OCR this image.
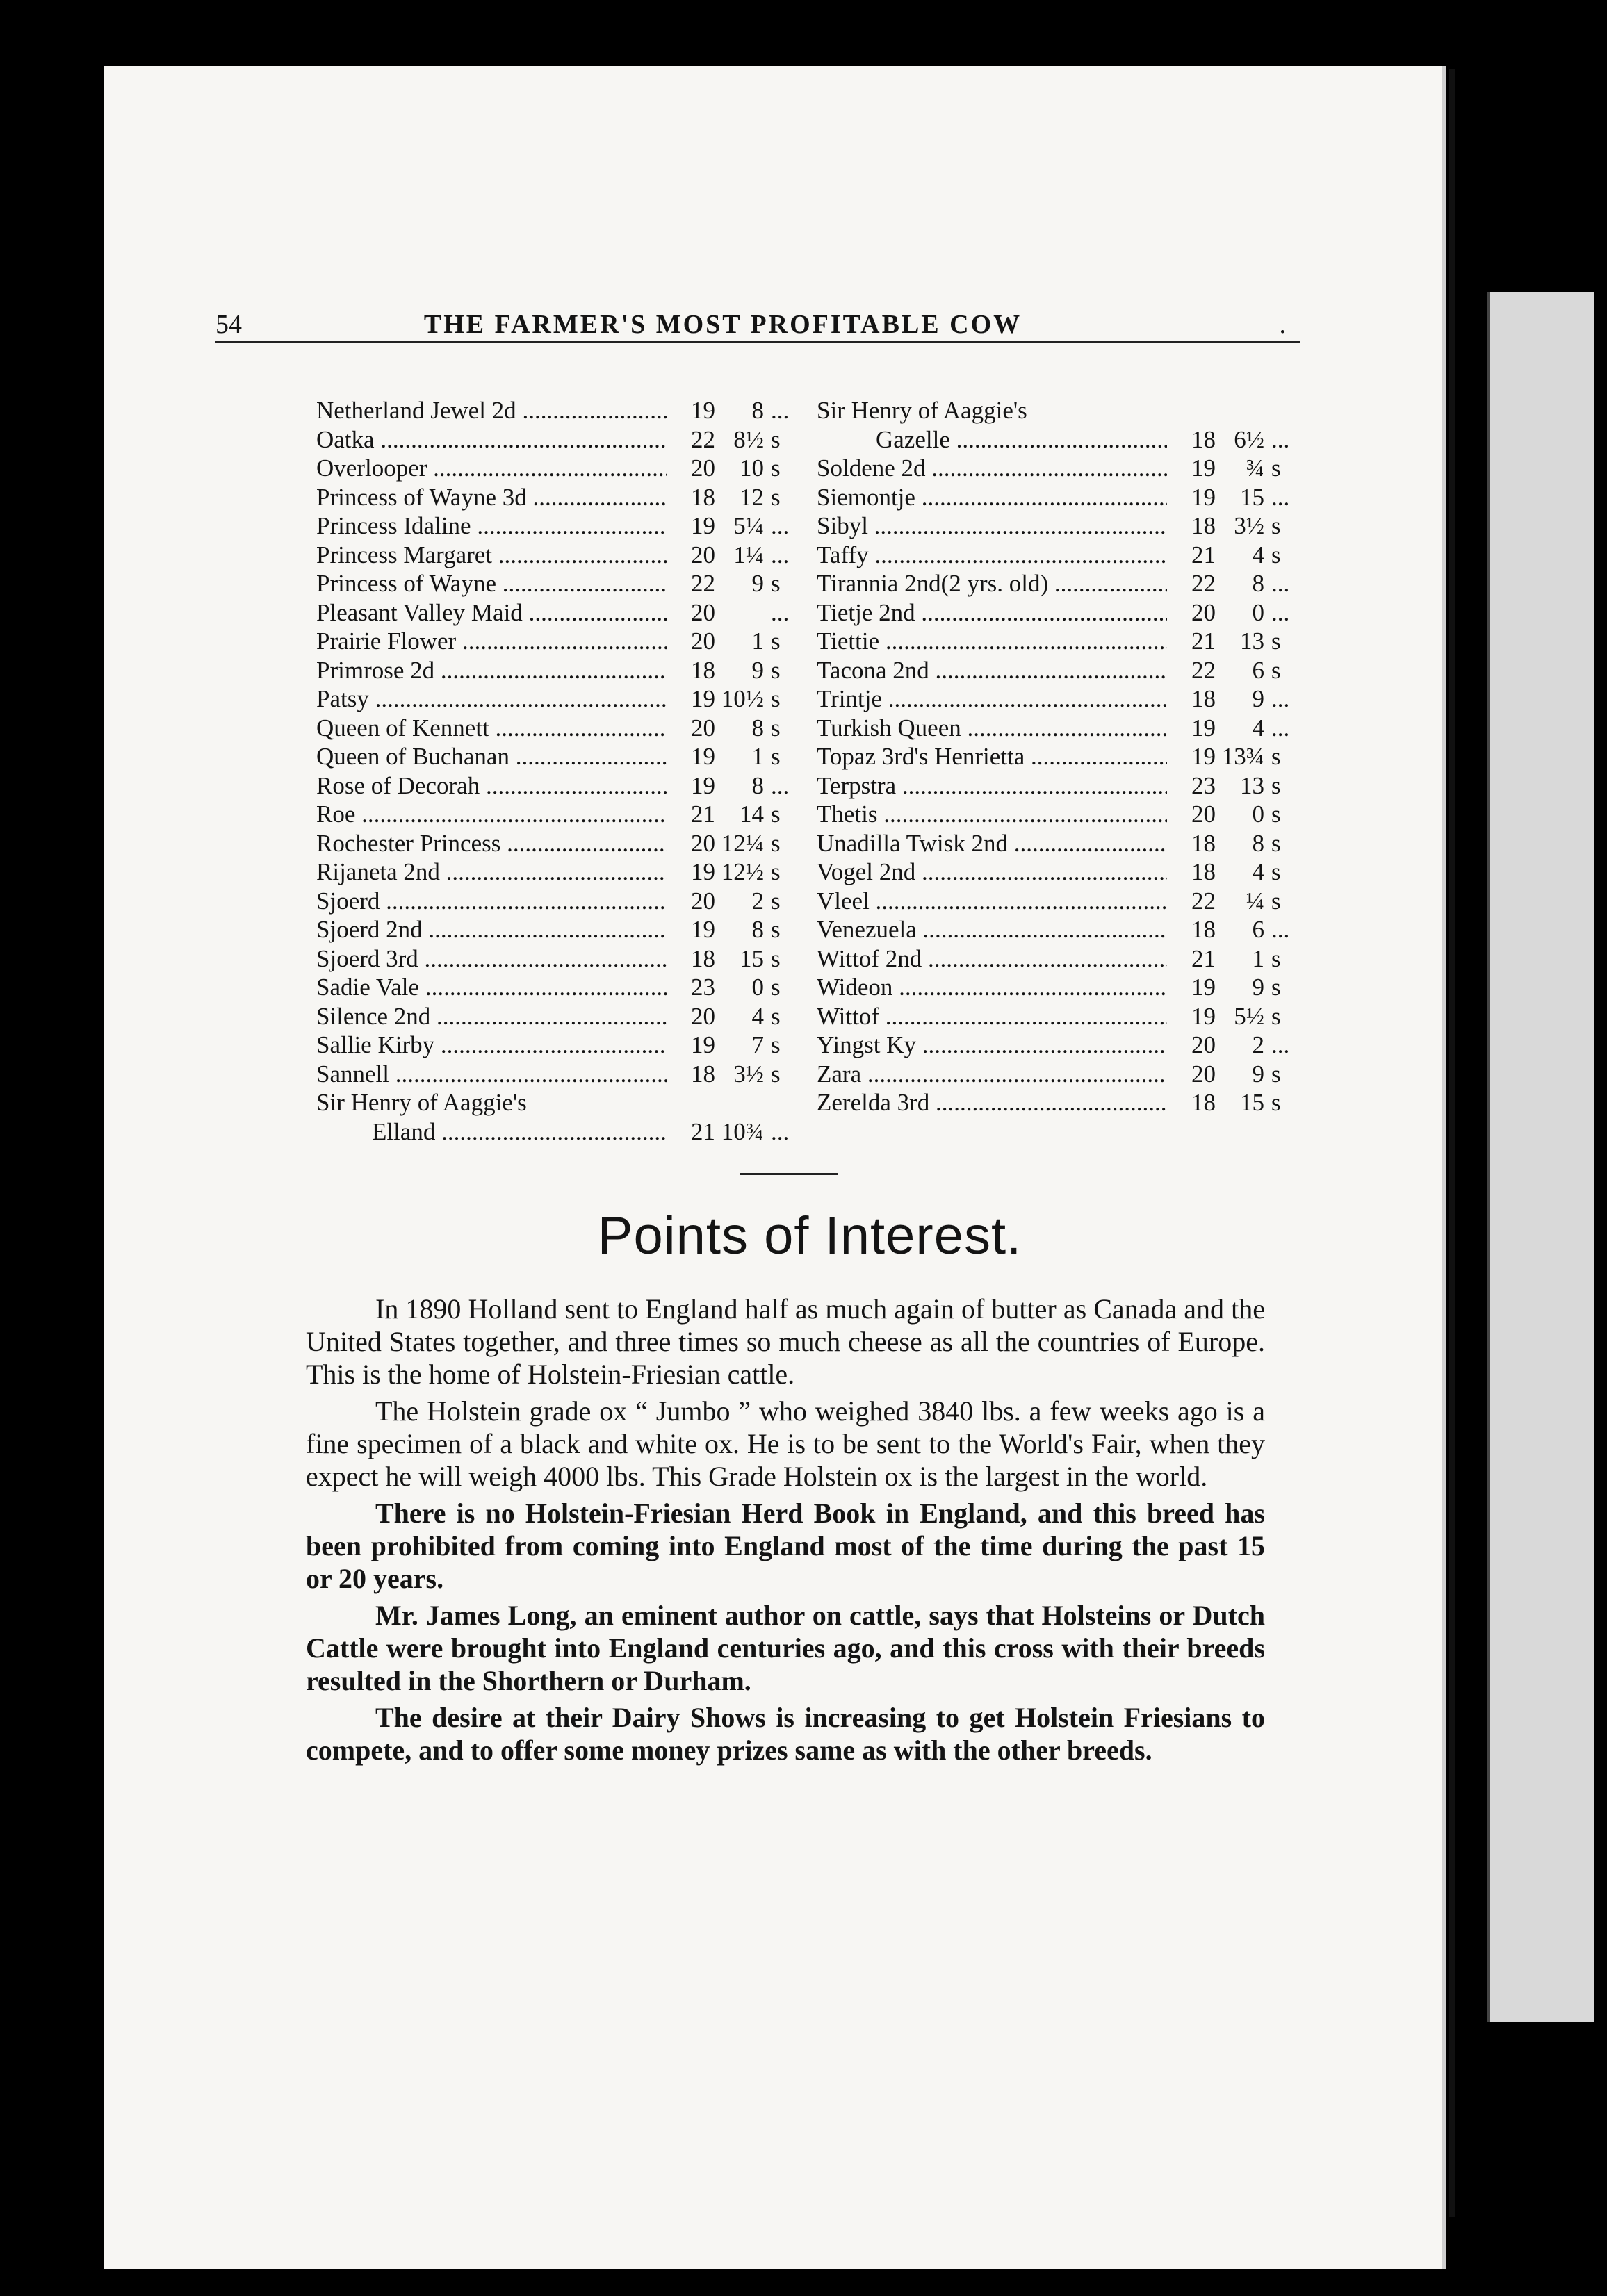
54	THE FARMER'S MOST PROFITABLE COW	.
Netherland Jewel 2d .....	19	8 ...
Oatka .....	22 8½ s
Overlooper .....	20	10 s
Princess of Wayne 3d .....	18	12 s
Princess Idaline .....	19 5¼ ...
Princess Margaret .....	20 1¼ ...
Princess of Wayne .....	22	9 s
Pleasant Valley Maid .....	20 ...
Prairie Flower .....	20	1 s
Primrose 2d .....	18	9 s
Patsy .....	19 10½ s
Queen of Kennett .....	20	8 s
Queen of Buchanan .....	19	1 s
Rose of Decorah .....	19	8 ...
Roe .....	21	14 s
Rochester Princess .....	20 12¼ s
Rijaneta 2nd .....	19 12½ s
Sjoerd .....	20	2 s
Sjoerd 2nd .....	19	8 s
Sjoerd 3rd .....	18	15 s
Sadie Vale .....	23	0 s
Silence 2nd .....	20	4 s
Sallie Kirby .....	19	7 s
Sannell .....	18 3½ s
Sir Henry of Aaggie's
Elland .....	21 10¾ ...
Sir Henry of Aaggie's
Gazelle .....	18 6½ ...
Soldene 2d .....	19	¾ s
Siemontje .....	19	15 ...
Sibyl .....	18 3½ s
Taffy .....	21	4 s
Tirannia 2nd(2 yrs. old) .....	22	8 ...
Tietje 2nd .....	20	0 ...
Tiettie .....	21	13 s
Tacona 2nd .....	22	6 s
Trintje .....	18	9 ...
Turkish Queen .....	19	4 ...
Topaz 3rd's Henrietta .....	19 13¾ s
Terpstra .....	23	13 s
Thetis .....	20	0 s
Unadilla Twisk 2nd .....	18	8 s
Vogel 2nd .....	18	4 s
Vleel .....	22	¼ s
Venezuela .....	18	6 ...
Wittof 2nd .....	21	1 s
Wideon .....	19	9 s
Wittof .....	19 5½ s
Yingst Ky .....	20	2 ...
Zara .....	20	9 s
Zerelda 3rd .....	18	15 s
Points of Interest.

In 1890 Holland sent to England half as much again of butter as Canada and the United States together, and three times so much cheese as all the countries of Europe. This is the home of Holstein-Friesian cattle.

The Holstein grade ox “ Jumbo ” who weighed 3840 lbs. a few weeks ago is a fine specimen of a black and white ox. He is to be sent to the World's Fair, when they expect he will weigh 4000 lbs. This Grade Holstein ox is the largest in the world.

There is no Holstein-Friesian Herd Book in England, and this breed has been prohibited from coming into England most of the time during the past 15 or 20 years.

Mr. James Long, an eminent author on cattle, says that Holsteins or Dutch Cattle were brought into England centuries ago, and this cross with their breeds resulted in the Shorthern or Durham.

The desire at their Dairy Shows is increasing to get Holstein Friesians to compete, and to offer some money prizes same as with the other breeds.
